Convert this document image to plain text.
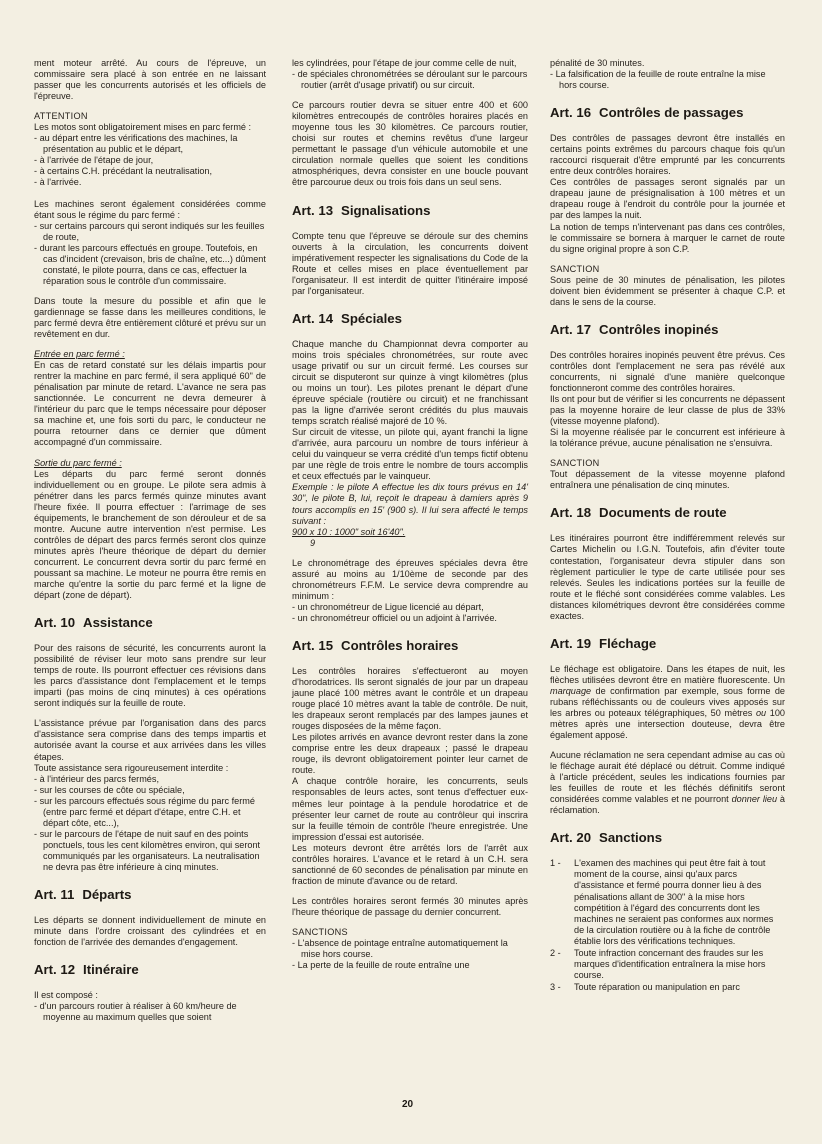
ment moteur arrêté. Au cours de l'épreuve, un commissaire sera placé à son entrée en ne laissant passer que les concurrents autorisés et les officiels de l'épreuve.

ATTENTION
Les motos sont obligatoirement mises en parc fermé :
- au départ entre les vérifications des machines, la présentation au public et le départ,
- à l'arrivée de l'étape de jour,
- à certains C.H. précédant la neutralisation,
- à l'arrivée.

Les machines seront également considérées comme étant sous le régime du parc fermé :
- sur certains parcours qui seront indiqués sur les feuilles de route,
- durant les parcours effectués en groupe. Toutefois, en cas d'incident (crevaison, bris de chaîne, etc...) dûment constaté, le pilote pourra, dans ce cas, effectuer la réparation sous le contrôle d'un commissaire.

Dans toute la mesure du possible et afin que le gardiennage se fasse dans les meilleures conditions, le parc fermé devra être entièrement clôturé et prévu sur un revêtement en dur.

Entrée en parc fermé :
En cas de retard constaté sur les délais impartis pour rentrer la machine en parc fermé, il sera appliqué 60" de pénalisation par minute de retard. L'avance ne sera pas sanctionnée. Le concurrent ne devra demeurer à l'intérieur du parc que le temps nécessaire pour déposer sa machine et, une fois sorti du parc, le conducteur ne pourra retourner dans ce dernier que dûment accompagné d'un commissaire.

Sortie du parc fermé :
Les départs du parc fermé seront donnés individuellement ou en groupe. Le pilote sera admis à pénétrer dans les parcs fermés quinze minutes avant l'heure fixée. Il pourra effectuer : l'arrimage de ses équipements, le branchement de son dérouleur et de sa montre. Aucune autre intervention n'est permise. Les contrôles de départ des parcs fermés seront clos quinze minutes après l'heure théorique de départ du dernier concurrent. Le concurrent devra sortir du parc fermé en poussant sa machine. Le moteur ne pourra être remis en marche qu'entre la sortie du parc fermé et la ligne de départ (zone de départ).

Art. 10 Assistance

Pour des raisons de sécurité, les concurrents auront la possibilité de réviser leur moto sans prendre sur leur temps de route. Ils pourront effectuer ces révisions dans les parcs d'assistance dont l'emplacement et le temps imparti (pas moins de cinq minutes) à ces opérations seront indiqués sur la feuille de route.

L'assistance prévue par l'organisation dans des parcs d'assistance sera comprise dans des temps impartis et autorisée avant la course et aux arrivées dans les villes étapes.

Toute assistance sera rigoureusement interdite :
- à l'intérieur des parcs fermés,
- sur les courses de côte ou spéciale,
- sur les parcours effectués sous régime du parc fermé (entre parc fermé et départ d'étape, entre C.H. et départ côte, etc...),
- sur le parcours de l'étape de nuit sauf en des points ponctuels, tous les cent kilomètres environ, qui seront communiqués par les organisateurs. La neutralisation ne devra pas être inférieure à cinq minutes.

Art. 11 Départs

Les départs se donnent individuellement de minute en minute dans l'ordre croissant des cylindrées et en fonction de l'arrivée des demandes d'engagement.

Art. 12 Itinéraire

Il est composé :
- d'un parcours routier à réaliser à 60 km/heure de moyenne au maximum quelles que soient

les cylindrées, pour l'étape de jour comme celle de nuit,
- de spéciales chronométrées se déroulant sur le parcours routier (arrêt d'usage privatif) ou sur circuit.

Ce parcours routier devra se situer entre 400 et 600 kilomètres entrecoupés de contrôles horaires placés en moyenne tous les 30 kilomètres. Ce parcours routier, choisi sur routes et chemins revêtus d'une largeur permettant le passage d'un véhicule automobile et une circulation normale quelles que soient les conditions atmosphériques, devra consister en une boucle pouvant être parcourue deux ou trois fois dans un seul sens.

Art. 13 Signalisations

Compte tenu que l'épreuve se déroule sur des chemins ouverts à la circulation, les concurrents doivent impérativement respecter les signalisations du Code de la Route et celles mises en place éventuellement par l'organisateur. Il est interdit de quitter l'itinéraire imposé par l'organisateur.

Art. 14 Spéciales

Chaque manche du Championnat devra comporter au moins trois spéciales chronométrées, sur route avec usage privatif ou sur un circuit fermé. Les courses sur circuit se disputeront sur quinze à vingt kilomètres (plus ou moins un tour). Les pilotes prenant le départ d'une épreuve spéciale (routière ou circuit) et ne franchissant pas la ligne d'arrivée seront crédités du plus mauvais temps scratch réalisé majoré de 10 %.

Sur circuit de vitesse, un pilote qui, ayant franchi la ligne d'arrivée, aura parcouru un nombre de tours inférieur à celui du vainqueur se verra crédité d'un temps fictif obtenu par une règle de trois entre le nombre de tours accomplis et ceux effectués par le vainqueur.
Exemple : le pilote A effectue les dix tours prévus en 14' 30", le pilote B, lui, reçoit le drapeau à damiers après 9 tours accomplis en 15' (900 s). Il lui sera affecté le temps suivant :
900 x 10 : 1000" soit 16'40".
9

Le chronométrage des épreuves spéciales devra être assuré au moins au 1/10ème de seconde par des chronométreurs F.F.M. Le service devra comprendre au minimum :
- un chronométreur de Ligue licencié au départ,
- un chronométreur officiel ou un adjoint à l'arrivée.

Art. 15 Contrôles horaires

Les contrôles horaires s'effectueront au moyen d'horodatrices. Ils seront signalés de jour par un drapeau jaune placé 100 mètres avant le contrôle et un drapeau rouge placé 10 mètres avant la table de contrôle. De nuit, les drapeaux seront remplacés par des lampes jaunes et rouges disposées de la même façon.

Les pilotes arrivés en avance devront rester dans la zone comprise entre les deux drapeaux ; passé le drapeau rouge, ils devront obligatoirement pointer leur carnet de route.

A chaque contrôle horaire, les concurrents, seuls responsables de leurs actes, sont tenus d'effectuer eux-mêmes leur pointage à la pendule horodatrice et de présenter leur carnet de route au contrôleur qui inscrira sur la feuille témoin de contrôle l'heure enregistrée. Une impression d'essai est autorisée.

Les moteurs devront être arrêtés lors de l'arrêt aux contrôles horaires. L'avance et le retard à un C.H. sera sanctionné de 60 secondes de pénalisation par minute en fraction de minute d'avance ou de retard.

Les contrôles horaires seront fermés 30 minutes après l'heure théorique de passage du dernier concurrent.

SANCTIONS
- L'absence de pointage entraîne automatiquement la mise hors course.
- La perte de la feuille de route entraîne une

pénalité de 30 minutes.
- La falsification de la feuille de route entraîne la mise hors course.

Art. 16 Contrôles de passages

Des contrôles de passages devront être installés en certains points extrêmes du parcours chaque fois qu'un raccourci risquerait d'être emprunté par les concurrents entre deux contrôles horaires.

Ces contrôles de passages seront signalés par un drapeau jaune de présignalisation à 100 mètres et un drapeau rouge à l'endroit du contrôle pour la journée et par des lampes la nuit.

La notion de temps n'intervenant pas dans ces contrôles, le commissaire se bornera à marquer le carnet de route du signe original propre à son C.P.

SANCTION
Sous peine de 30 minutes de pénalisation, les pilotes doivent bien évidemment se présenter à chaque C.P. et dans le sens de la course.

Art. 17 Contrôles inopinés

Des contrôles horaires inopinés peuvent être prévus. Ces contrôles dont l'emplacement ne sera pas révélé aux concurrents, ni signalé d'une manière quelconque fonctionneront comme des contrôles horaires.

Ils ont pour but de vérifier si les concurrents ne dépassent pas la moyenne horaire de leur classe de plus de 33% (vitesse moyenne plafond).

Si la moyenne réalisée par le concurrent est inférieure à la tolérance prévue, aucune pénalisation ne s'ensuivra.

SANCTION
Tout dépassement de la vitesse moyenne plafond entraînera une pénalisation de cinq minutes.

Art. 18 Documents de route

Les itinéraires pourront être indifféremment relevés sur Cartes Michelin ou I.G.N. Toutefois, afin d'éviter toute contestation, l'organisateur devra stipuler dans son règlement particulier le type de carte utilisée pour ses relevés. Seules les indications portées sur la feuille de route et le fléché sont considérées comme valables. Les distances kilométriques devront être considérées comme exactes.

Art. 19 Fléchage

Le fléchage est obligatoire. Dans les étapes de nuit, les flèches utilisées devront être en matière fluorescente. Un marquage de confirmation par exemple, sous forme de rubans réfléchissants ou de couleurs vives apposés sur les arbres ou poteaux télégraphiques, 50 mètres ou 100 mètres après une intersection douteuse, devra être également apposé.

Aucune réclamation ne sera cependant admise au cas où le fléchage aurait été déplacé ou détruit. Comme indiqué à l'article précédent, seules les indications fournies par les feuilles de route et les fléchés définitifs seront considérées comme valables et ne pourront donner lieu à réclamation.

Art. 20 Sanctions
1 - L'examen des machines qui peut être fait à tout moment de la course, ainsi qu'aux parcs d'assistance et fermé pourra donner lieu à des pénalisations allant de 300" à la mise hors compétition à l'égard des concurrents dont les machines ne seraient pas conformes aux normes de la circulation routière ou à la fiche de contrôle établie lors des vérifications techniques.
2 - Toute infraction concernant des fraudes sur les marques d'identification entraînera la mise hors course.
3 - Toute réparation ou manipulation en parc
20
